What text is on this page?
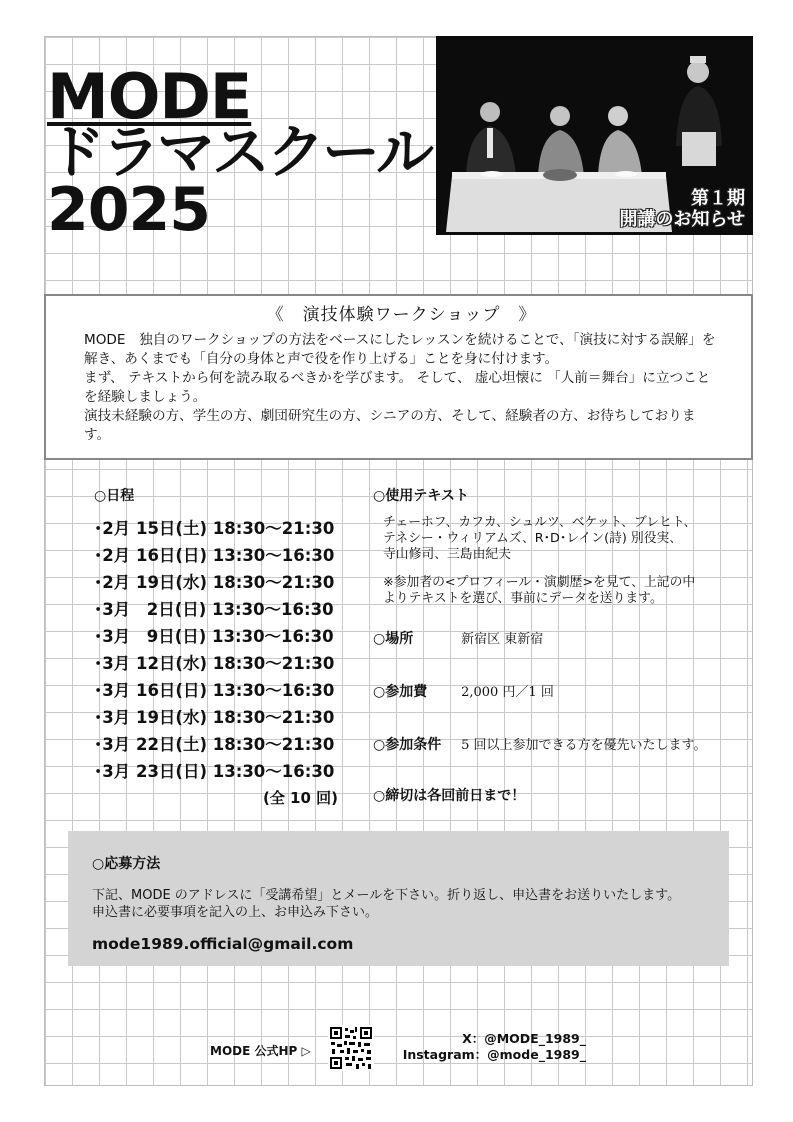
MODE
ドラマスクール
2025	第１期
開講のお知らせ
《　演技体験ワークショップ　》

MODE　独自のワークショップの方法をベースにしたレッスンを続けることで、「演技に対する誤解」を解き、あくまでも「自分の身体と声で役を作り上げる」ことを身に付けます。

まず、 テキストから何を読み取るべきかを学びます。 そして、 虚心坦懐に 「人前＝舞台」に立つことを経験しましょう。

演技未経験の方、学生の方、劇団研究生の方、シニアの方、そして、経験者の方、お待ちしております。

○日程
･2月 15日(土) 18:30〜21:30
･2月 16日(日) 13:30〜16:30
･2月 19日(水) 18:30〜21:30
･3月　2日(日) 13:30〜16:30
･3月　9日(日) 13:30〜16:30
･3月 12日(水) 18:30〜21:30
･3月 16日(日) 13:30〜16:30
･3月 19日(水) 18:30〜21:30
･3月 22日(土) 18:30〜21:30
･3月 23日(日) 13:30〜16:30
(全 10 回)
○使用テキスト
チェーホフ、カフカ、シュルツ、ベケット、ブレヒト、
テネシー・ウィリアムズ、R･D･レイン(詩) 別役実、
寺山修司、三島由紀夫
※参加者の<プロフィール・演劇歴>を見て、上記の中
よりテキストを選び、事前にデータを送ります。
○場所	新宿区 東新宿
○参加費	2,000 円／1 回
○参加条件 5 回以上参加できる方を優先いたします。
○締切は各回前日まで！
○応募方法

下記、MODE のアドレスに「受講希望」とメールを下さい。折り返し、申込書をお送りいたします。

申込書に必要事項を記入の上、お申込み下さい。

mode1989.official@gmail.com
MODE 公式HP ▷
X：@MODE_1989_
Instagram：@mode_1989_
